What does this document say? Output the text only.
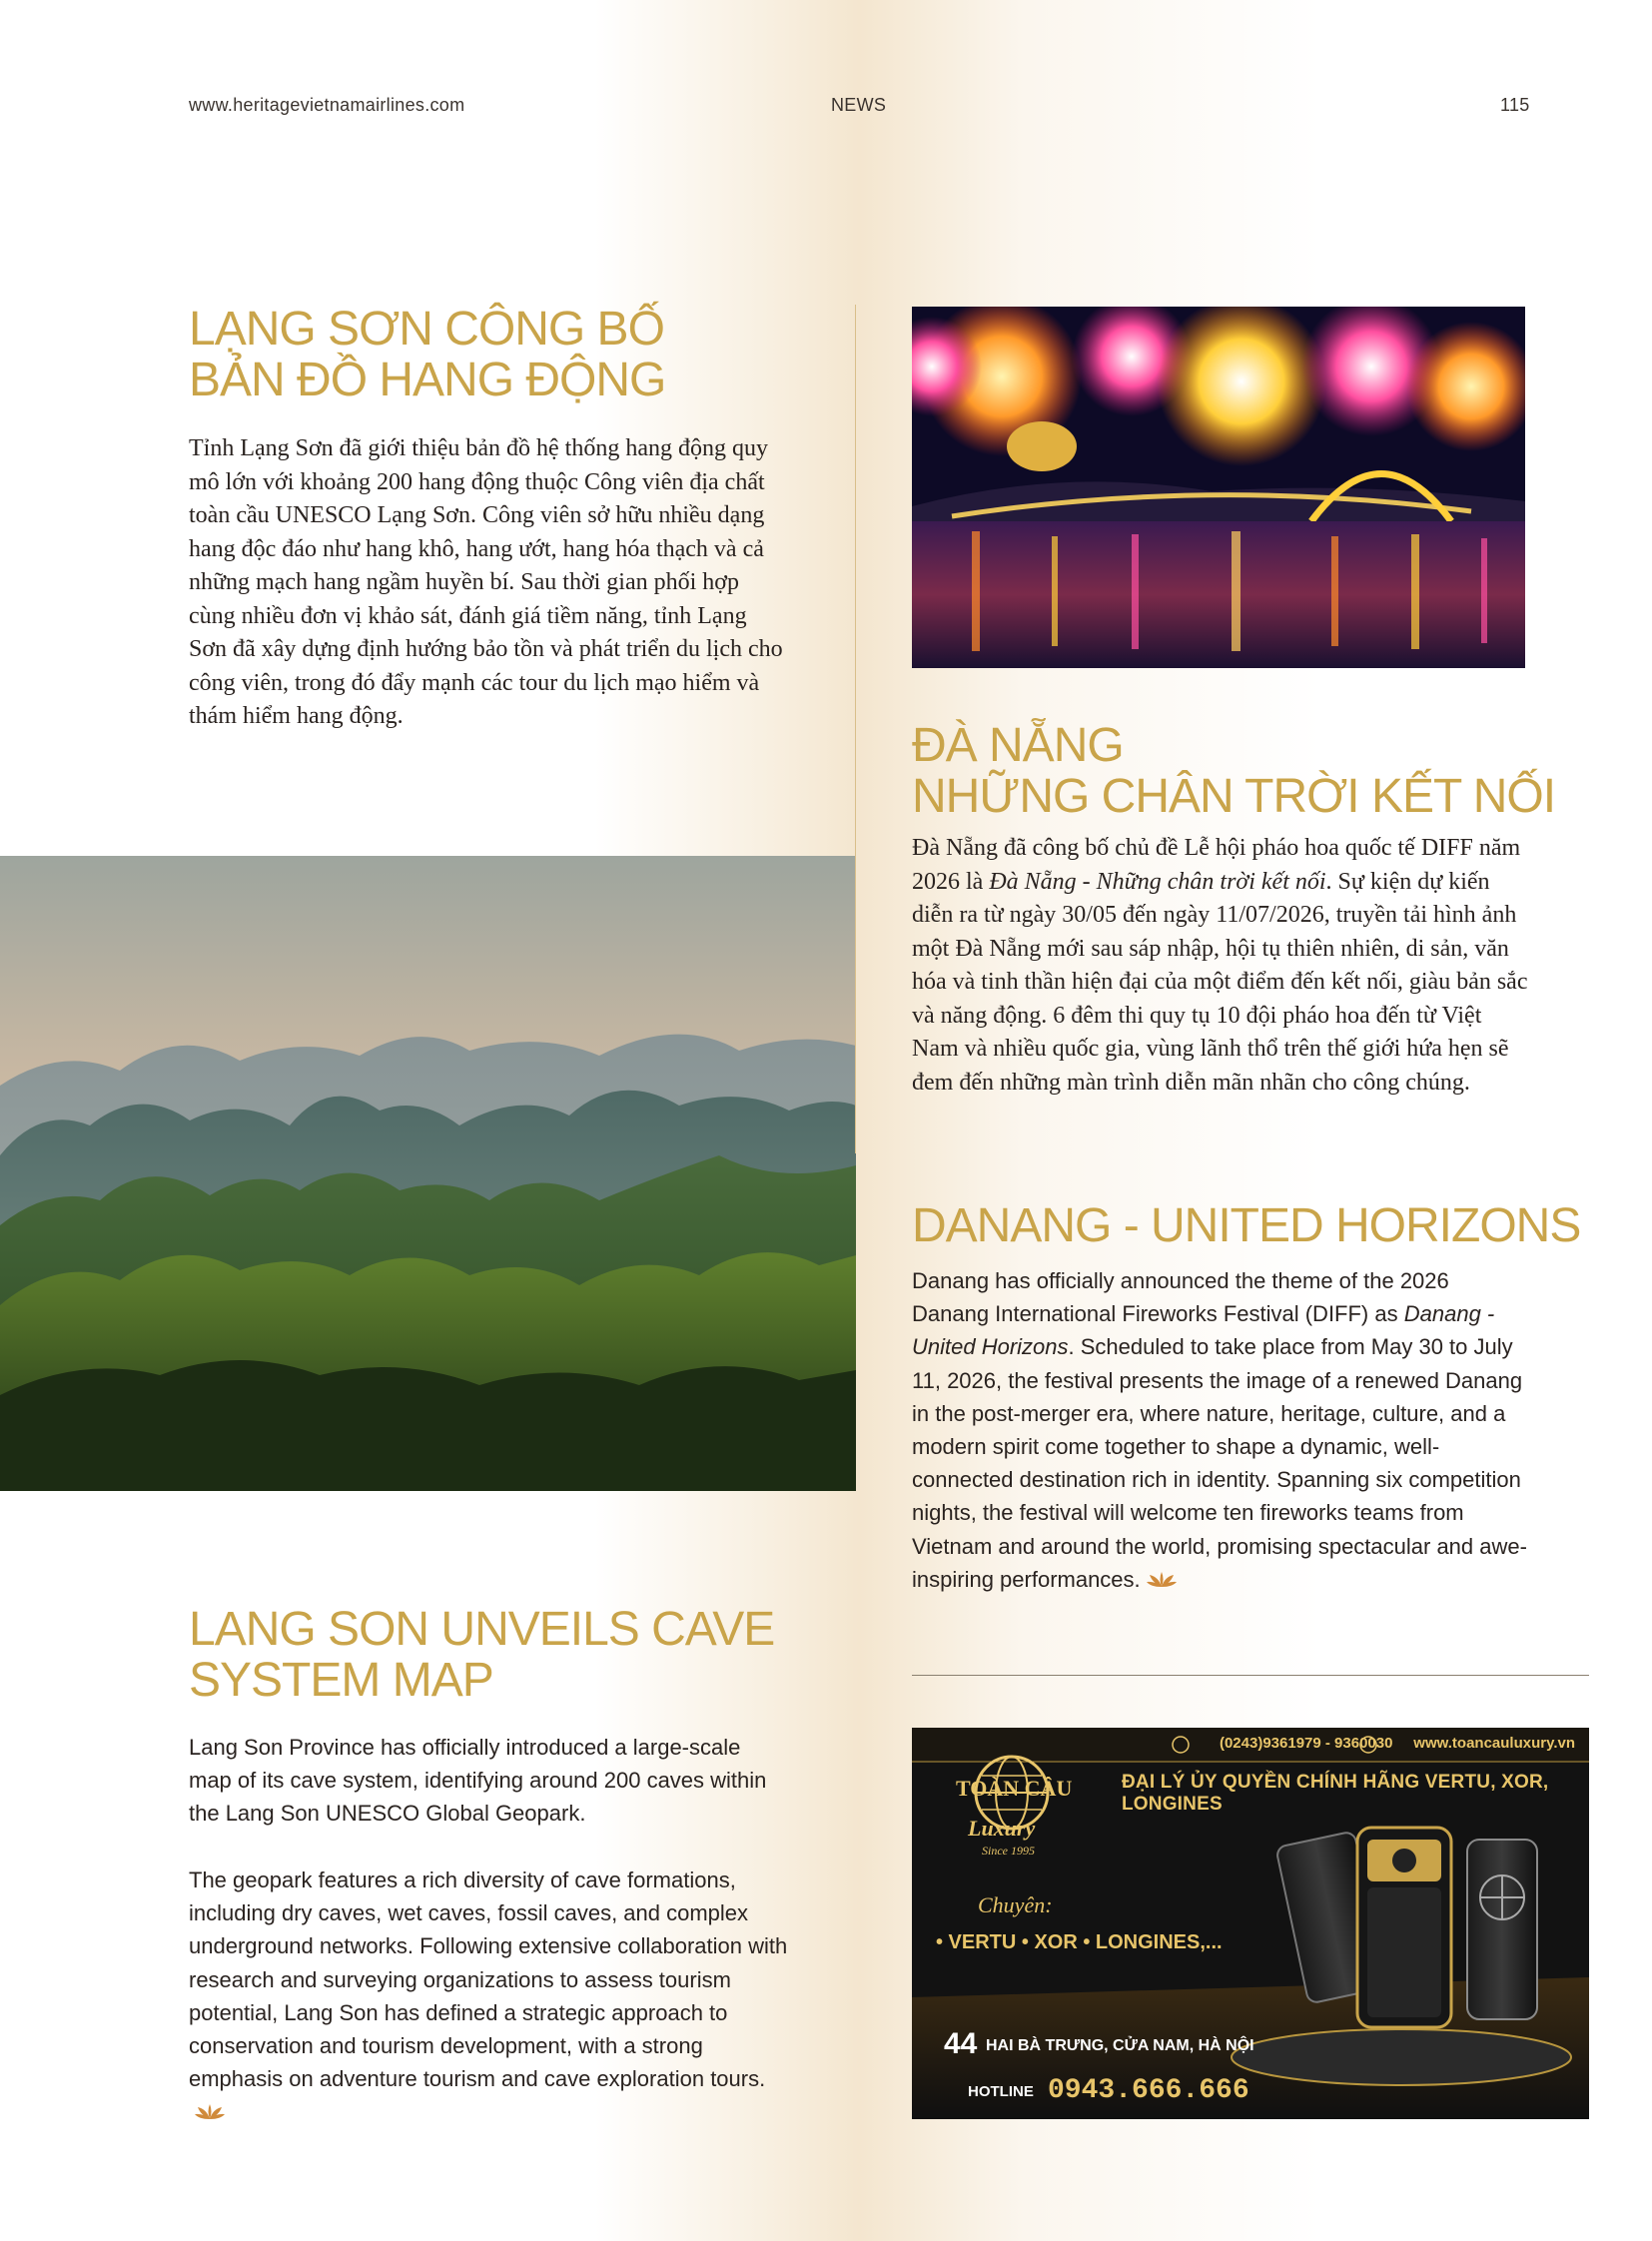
www.heritagevietnamairlines.com	NEWS	115
LẠNG SƠN CÔNG BỐ
BẢN ĐỒ HANG ĐỘNG

Tỉnh Lạng Sơn đã giới thiệu bản đồ hệ thống hang động quy mô lớn với khoảng 200 hang động thuộc Công viên địa chất toàn cầu UNESCO Lạng Sơn. Công viên sở hữu nhiều dạng hang độc đáo như hang khô, hang ướt, hang hóa thạch và cả những mạch hang ngầm huyền bí. Sau thời gian phối hợp cùng nhiều đơn vị khảo sát, đánh giá tiềm năng, tỉnh Lạng Sơn đã xây dựng định hướng bảo tồn và phát triển du lịch cho công viên, trong đó đẩy mạnh các tour du lịch mạo hiểm và thám hiểm hang động.

LANG SON UNVEILS CAVE
SYSTEM MAP

Lang Son Province has officially introduced a large-scale map of its cave system, identifying around 200 caves within the Lang Son UNESCO Global Geopark.

The geopark features a rich diversity of cave formations, including dry caves, wet caves, fossil caves, and complex underground networks. Following extensive collaboration with research and surveying organizations to assess tourism potential, Lang Son has defined a strategic approach to conservation and tourism development, with a strong emphasis on adventure tourism and cave exploration tours.

ĐÀ NẴNG
NHỮNG CHÂN TRỜI KẾT NỐI

Đà Nẵng đã công bố chủ đề Lễ hội pháo hoa quốc tế DIFF năm 2026 là Đà Nẵng - Những chân trời kết nối. Sự kiện dự kiến diễn ra từ ngày 30/05 đến ngày 11/07/2026, truyền tải hình ảnh một Đà Nẵng mới sau sáp nhập, hội tụ thiên nhiên, di sản, văn hóa và tinh thần hiện đại của một điểm đến kết nối, giàu bản sắc và năng động. 6 đêm thi quy tụ 10 đội pháo hoa đến từ Việt Nam và nhiều quốc gia, vùng lãnh thổ trên thế giới hứa hẹn sẽ đem đến những màn trình diễn mãn nhãn cho công chúng.

DANANG - UNITED HORIZONS

Danang has officially announced the theme of the 2026 Danang International Fireworks Festival (DIFF) as Danang - United Horizons. Scheduled to take place from May 30 to July 11, 2026, the festival presents the image of a renewed Danang in the post-merger era, where nature, heritage, culture, and a modern spirit come together to shape a dynamic, well-connected destination rich in identity. Spanning six competition nights, the festival will welcome ten fireworks teams from Vietnam and around the world, promising spectacular and awe-inspiring performances.

(0243)9361979 - 9360030 www.toancauluxury.vn
TOÀN CẦU
Luxury
Since 1995
ĐẠI LÝ ỦY QUYỀN CHÍNH HÃNG VERTU, XOR, LONGINES
Chuyên:
• VERTU • XOR • LONGINES,...
44 HAI BÀ TRƯNG, CỬA NAM, HÀ NỘI
HOTLINE 0943.666.666
